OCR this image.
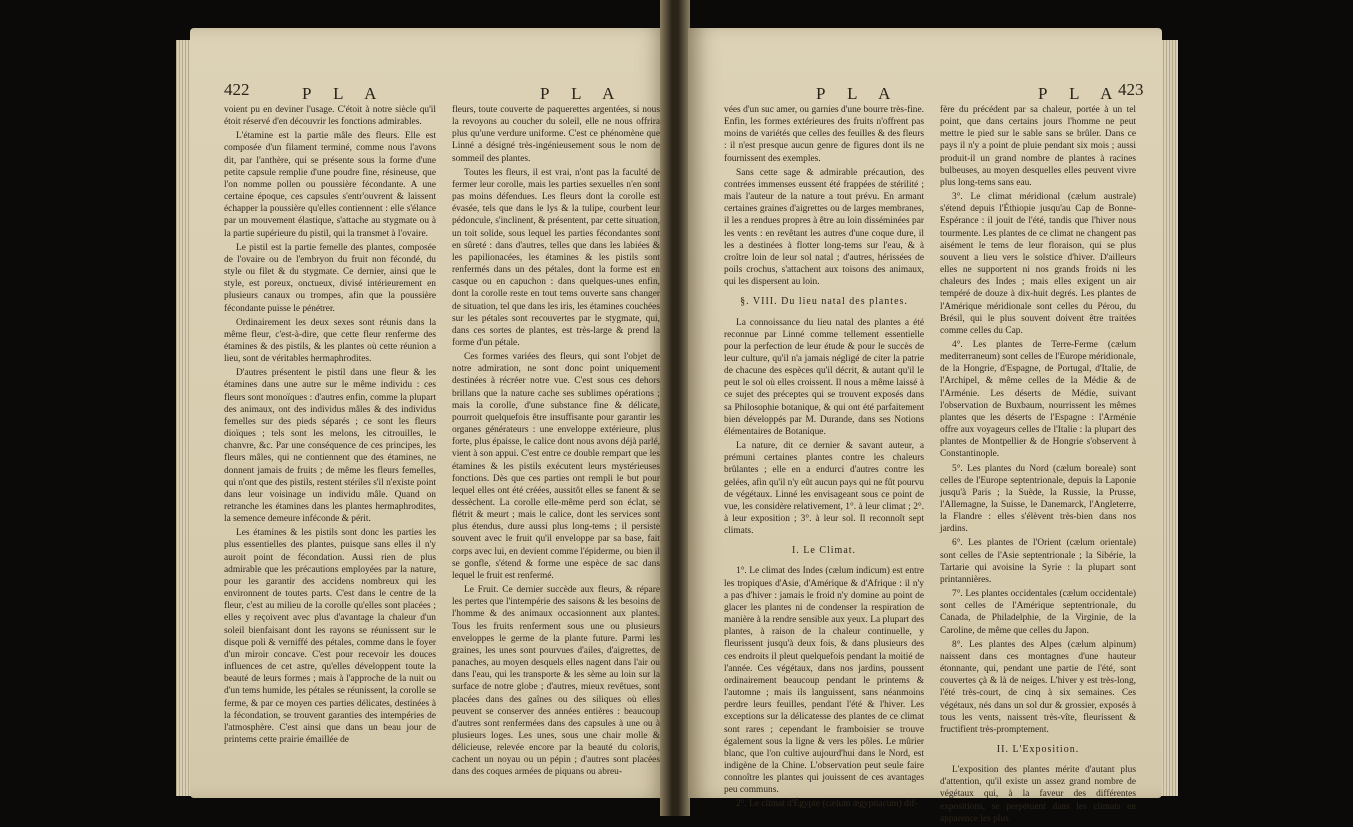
422	P L A	P L A

voient pu en deviner l'usage. C'étoit à notre siècle qu'il étoit réservé d'en découvrir les fonctions admirables.

L'étamine est la partie mâle des fleurs. Elle est composée d'un filament terminé, comme nous l'avons dit, par l'anthère, qui se présente sous la forme d'une petite capsule remplie d'une poudre fine, résineuse, que l'on nomme pollen ou poussière fécondante. A une certaine époque, ces capsules s'entr'ouvrent & laissent échapper la poussière qu'elles contiennent : elle s'élance par un mouvement élastique, s'attache au stygmate ou à la partie supérieure du pistil, qui la transmet à l'ovaire.

Le pistil est la partie femelle des plantes, composée de l'ovaire ou de l'embryon du fruit non fécondé, du style ou filet & du stygmate. Ce dernier, ainsi que le style, est poreux, onctueux, divisé intérieurement en plusieurs canaux ou trompes, afin que la poussière fécondante puisse le pénétrer.

Ordinairement les deux sexes sont réunis dans la même fleur, c'est-à-dire, que cette fleur renferme des étamines & des pistils, & les plantes où cette réunion a lieu, sont de véritables hermaphrodites.

D'autres présentent le pistil dans une fleur & les étamines dans une autre sur le même individu : ces fleurs sont monoïques : d'autres enfin, comme la plupart des animaux, ont des individus mâles & des individus femelles sur des pieds séparés ; ce sont les fleurs dioïques ; tels sont les melons, les citrouilles, le chanvre, &c. Par une conséquence de ces principes, les fleurs mâles, qui ne contiennent que des étamines, ne donnent jamais de fruits ; de même les fleurs femelles, qui n'ont que des pistils, restent stériles s'il n'existe point dans leur voisinage un individu mâle. Quand on retranche les étamines dans les plantes hermaphrodites, la semence demeure inféconde & périt.

Les étamines & les pistils sont donc les parties les plus essentielles des plantes, puisque sans elles il n'y auroit point de fécondation. Aussi rien de plus admirable que les précautions employées par la nature, pour les garantir des accidens nombreux qui les environnent de toutes parts. C'est dans le centre de la fleur, c'est au milieu de la corolle qu'elles sont placées ; elles y reçoivent avec plus d'avantage la chaleur d'un soleil bienfaisant dont les rayons se réunissent sur le disque poli & verniffé des pétales, comme dans le foyer d'un miroir concave. C'est pour recevoir les douces influences de cet astre, qu'elles développent toute la beauté de leurs formes ; mais à l'approche de la nuit ou d'un tems humide, les pétales se réunissent, la corolle se ferme, & par ce moyen ces parties délicates, destinées à la fécondation, se trouvent garanties des intempéries de l'atmosphère. C'est ainsi que dans un beau jour de printems cette prairie émaillée de

fleurs, toute couverte de paquerettes argentées, si nous la revoyons au coucher du soleil, elle ne nous offrira plus qu'une verdure uniforme. C'est ce phénomène que Linné a désigné très-ingénieusement sous le nom de sommeil des plantes.

Toutes les fleurs, il est vrai, n'ont pas la faculté de fermer leur corolle, mais les parties sexuelles n'en sont pas moins défendues. Les fleurs dont la corolle est évasée, tels que dans le lys & la tulipe, courbent leur pédoncule, s'inclinent, & présentent, par cette situation, un toit solide, sous lequel les parties fécondantes sont en sûreté : dans d'autres, telles que dans les labiées & les papilionacées, les étamines & les pistils sont renfermés dans un des pétales, dont la forme est en casque ou en capuchon : dans quelques-unes enfin, dont la corolle reste en tout tems ouverte sans changer de situation, tel que dans les iris, les étamines couchées sur les pétales sont recouvertes par le stygmate, qui, dans ces sortes de plantes, est très-large & prend la forme d'un pétale.

Ces formes variées des fleurs, qui sont l'objet de notre admiration, ne sont donc point uniquement destinées à récréer notre vue. C'est sous ces dehors brillans que la nature cache ses sublimes opérations ; mais la corolle, d'une substance fine & délicate, pourroit quelquefois être insuffisante pour garantir les organes générateurs : une enveloppe extérieure, plus forte, plus épaisse, le calice dont nous avons déjà parlé, vient à son appui. C'est entre ce double rempart que les étamines & les pistils exécutent leurs mystérieuses fonctions. Dès que ces parties ont rempli le but pour lequel elles ont été créées, aussitôt elles se fanent & se dessèchent. La corolle elle-même perd son éclat, se flétrit & meurt ; mais le calice, dont les services sont plus étendus, dure aussi plus long-tems ; il persiste souvent avec le fruit qu'il enveloppe par sa base, fait corps avec lui, en devient comme l'épiderme, ou bien il se gonfle, s'étend & forme une espèce de sac dans lequel le fruit est renfermé.

Le Fruit. Ce dernier succède aux fleurs, & répare les pertes que l'intempérie des saisons & les besoins de l'homme & des animaux occasionnent aux plantes. Tous les fruits renferment sous une ou plusieurs enveloppes le germe de la plante future. Parmi les graines, les unes sont pourvues d'ailes, d'aigrettes, de panaches, au moyen desquels elles nagent dans l'air ou dans l'eau, qui les transporte & les sème au loin sur la surface de notre globe ; d'autres, mieux revêtues, sont placées dans des gaînes ou des siliques où elles peuvent se conserver des années entières : beaucoup d'autres sont renfermées dans des capsules à une ou à plusieurs loges. Les unes, sous une chair molle & délicieuse, relevée encore par la beauté du coloris, cachent un noyau ou un pépin ; d'autres sont placées dans des coques armées de piquans ou abreu-

P L A	P L A
423

vées d'un suc amer, ou garnies d'une bourre très-fine. Enfin, les formes extérieures des fruits n'offrent pas moins de variétés que celles des feuilles & des fleurs : il n'est presque aucun genre de figures dont ils ne fournissent des exemples.

Sans cette sage & admirable précaution, des contrées immenses eussent été frappées de stérilité ; mais l'auteur de la nature a tout prévu. En armant certaines graines d'aigrettes ou de larges membranes, il les a rendues propres à être au loin disséminées par les vents : en revêtant les autres d'une coque dure, il les a destinées à flotter long-tems sur l'eau, & à croître loin de leur sol natal ; d'autres, hérissées de poils crochus, s'attachent aux toisons des animaux, qui les dispersent au loin.

§. VIII. Du lieu natal des plantes.

La connoissance du lieu natal des plantes a été reconnue par Linné comme tellement essentielle pour la perfection de leur étude & pour le succès de leur culture, qu'il n'a jamais négligé de citer la patrie de chacune des espèces qu'il décrit, & autant qu'il le peut le sol où elles croissent. Il nous a même laissé à ce sujet des préceptes qui se trouvent exposés dans sa Philosophie botanique, & qui ont été parfaitement bien développés par M. Durande, dans ses Notions élémentaires de Botanique.

La nature, dit ce dernier & savant auteur, a prémuni certaines plantes contre les chaleurs brûlantes ; elle en a endurci d'autres contre les gelées, afin qu'il n'y eût aucun pays qui ne fût pourvu de végétaux. Linné les envisageant sous ce point de vue, les considère relativement, 1°. à leur climat ; 2°. à leur exposition ; 3°. à leur sol. Il reconnoît sept climats.

I. Le Climat.

1°. Le climat des Indes (cælum indicum) est entre les tropiques d'Asie, d'Amérique & d'Afrique : il n'y a pas d'hiver : jamais le froid n'y domine au point de glacer les plantes ni de condenser la respiration de manière à la rendre sensible aux yeux. La plupart des plantes, à raison de la chaleur continuelle, y fleurissent jusqu'à deux fois, & dans plusieurs des ces endroits il pleut quelquefois pendant la moitié de l'année. Ces végétaux, dans nos jardins, poussent ordinairement beaucoup pendant le printems & l'automne ; mais ils languissent, sans néanmoins perdre leurs feuilles, pendant l'été & l'hiver. Les exceptions sur la délicatesse des plantes de ce climat sont rares ; cependant le framboisier se trouve également sous la ligne & vers les pôles. Le mûrier blanc, que l'on cultive aujourd'hui dans le Nord, est indigène de la Chine. L'observation peut seule faire connoître les plantes qui jouissent de ces avantages peu communs.

2°. Le climat d'Égypte (cælum ægyptiacum) dif-

fère du précédent par sa chaleur, portée à un tel point, que dans certains jours l'homme ne peut mettre le pied sur le sable sans se brûler. Dans ce pays il n'y a point de pluie pendant six mois ; aussi produit-il un grand nombre de plantes à racines bulbeuses, au moyen desquelles elles peuvent vivre plus long-tems sans eau.

3°. Le climat méridional (cælum australe) s'étend depuis l'Éthiopie jusqu'au Cap de Bonne-Espérance : il jouit de l'été, tandis que l'hiver nous tourmente. Les plantes de ce climat ne changent pas aisément le tems de leur floraison, qui se plus souvent a lieu vers le solstice d'hiver. D'ailleurs elles ne supportent ni nos grands froids ni les chaleurs des Indes ; mais elles exigent un air tempéré de douze à dix-huit degrés. Les plantes de l'Amérique méridionale sont celles du Pérou, du Brésil, qui le plus souvent doivent être traitées comme celles du Cap.

4°. Les plantes de Terre-Ferme (cælum mediterraneum) sont celles de l'Europe méridionale, de la Hongrie, d'Espagne, de Portugal, d'Italie, de l'Archipel, & même celles de la Médie & de l'Arménie. Les déserts de Médie, suivant l'observation de Buxbaum, nourrissent les mêmes plantes que les déserts de l'Espagne : l'Arménie offre aux voyageurs celles de l'Italie : la plupart des plantes de Montpellier & de Hongrie s'observent à Constantinople.

5°. Les plantes du Nord (cælum boreale) sont celles de l'Europe septentrionale, depuis la Laponie jusqu'à Paris ; la Suède, la Russie, la Prusse, l'Allemagne, la Suisse, le Danemarck, l'Angleterre, la Flandre : elles s'élèvent très-bien dans nos jardins.

6°. Les plantes de l'Orient (cælum orientale) sont celles de l'Asie septentrionale ; la Sibérie, la Tartarie qui avoisine la Syrie : la plupart sont printannières.

7°. Les plantes occidentales (cælum occidentale) sont celles de l'Amérique septentrionale, du Canada, de Philadelphie, de la Virginie, de la Caroline, de même que celles du Japon.

8°. Les plantes des Alpes (cælum alpinum) naissent dans ces montagnes d'une hauteur étonnante, qui, pendant une partie de l'été, sont couvertes çà & là de neiges. L'hiver y est très-long, l'été très-court, de cinq à six semaines. Ces végétaux, nés dans un sol dur & grossier, exposés à tous les vents, naissent très-vîte, fleurissent & fructifient très-promptement.

II. L'Exposition.

L'exposition des plantes mérite d'autant plus d'attention, qu'il existe un assez grand nombre de végétaux qui, à la faveur des différentes expositions, se perpétuent dans les climats en apparence les plus
